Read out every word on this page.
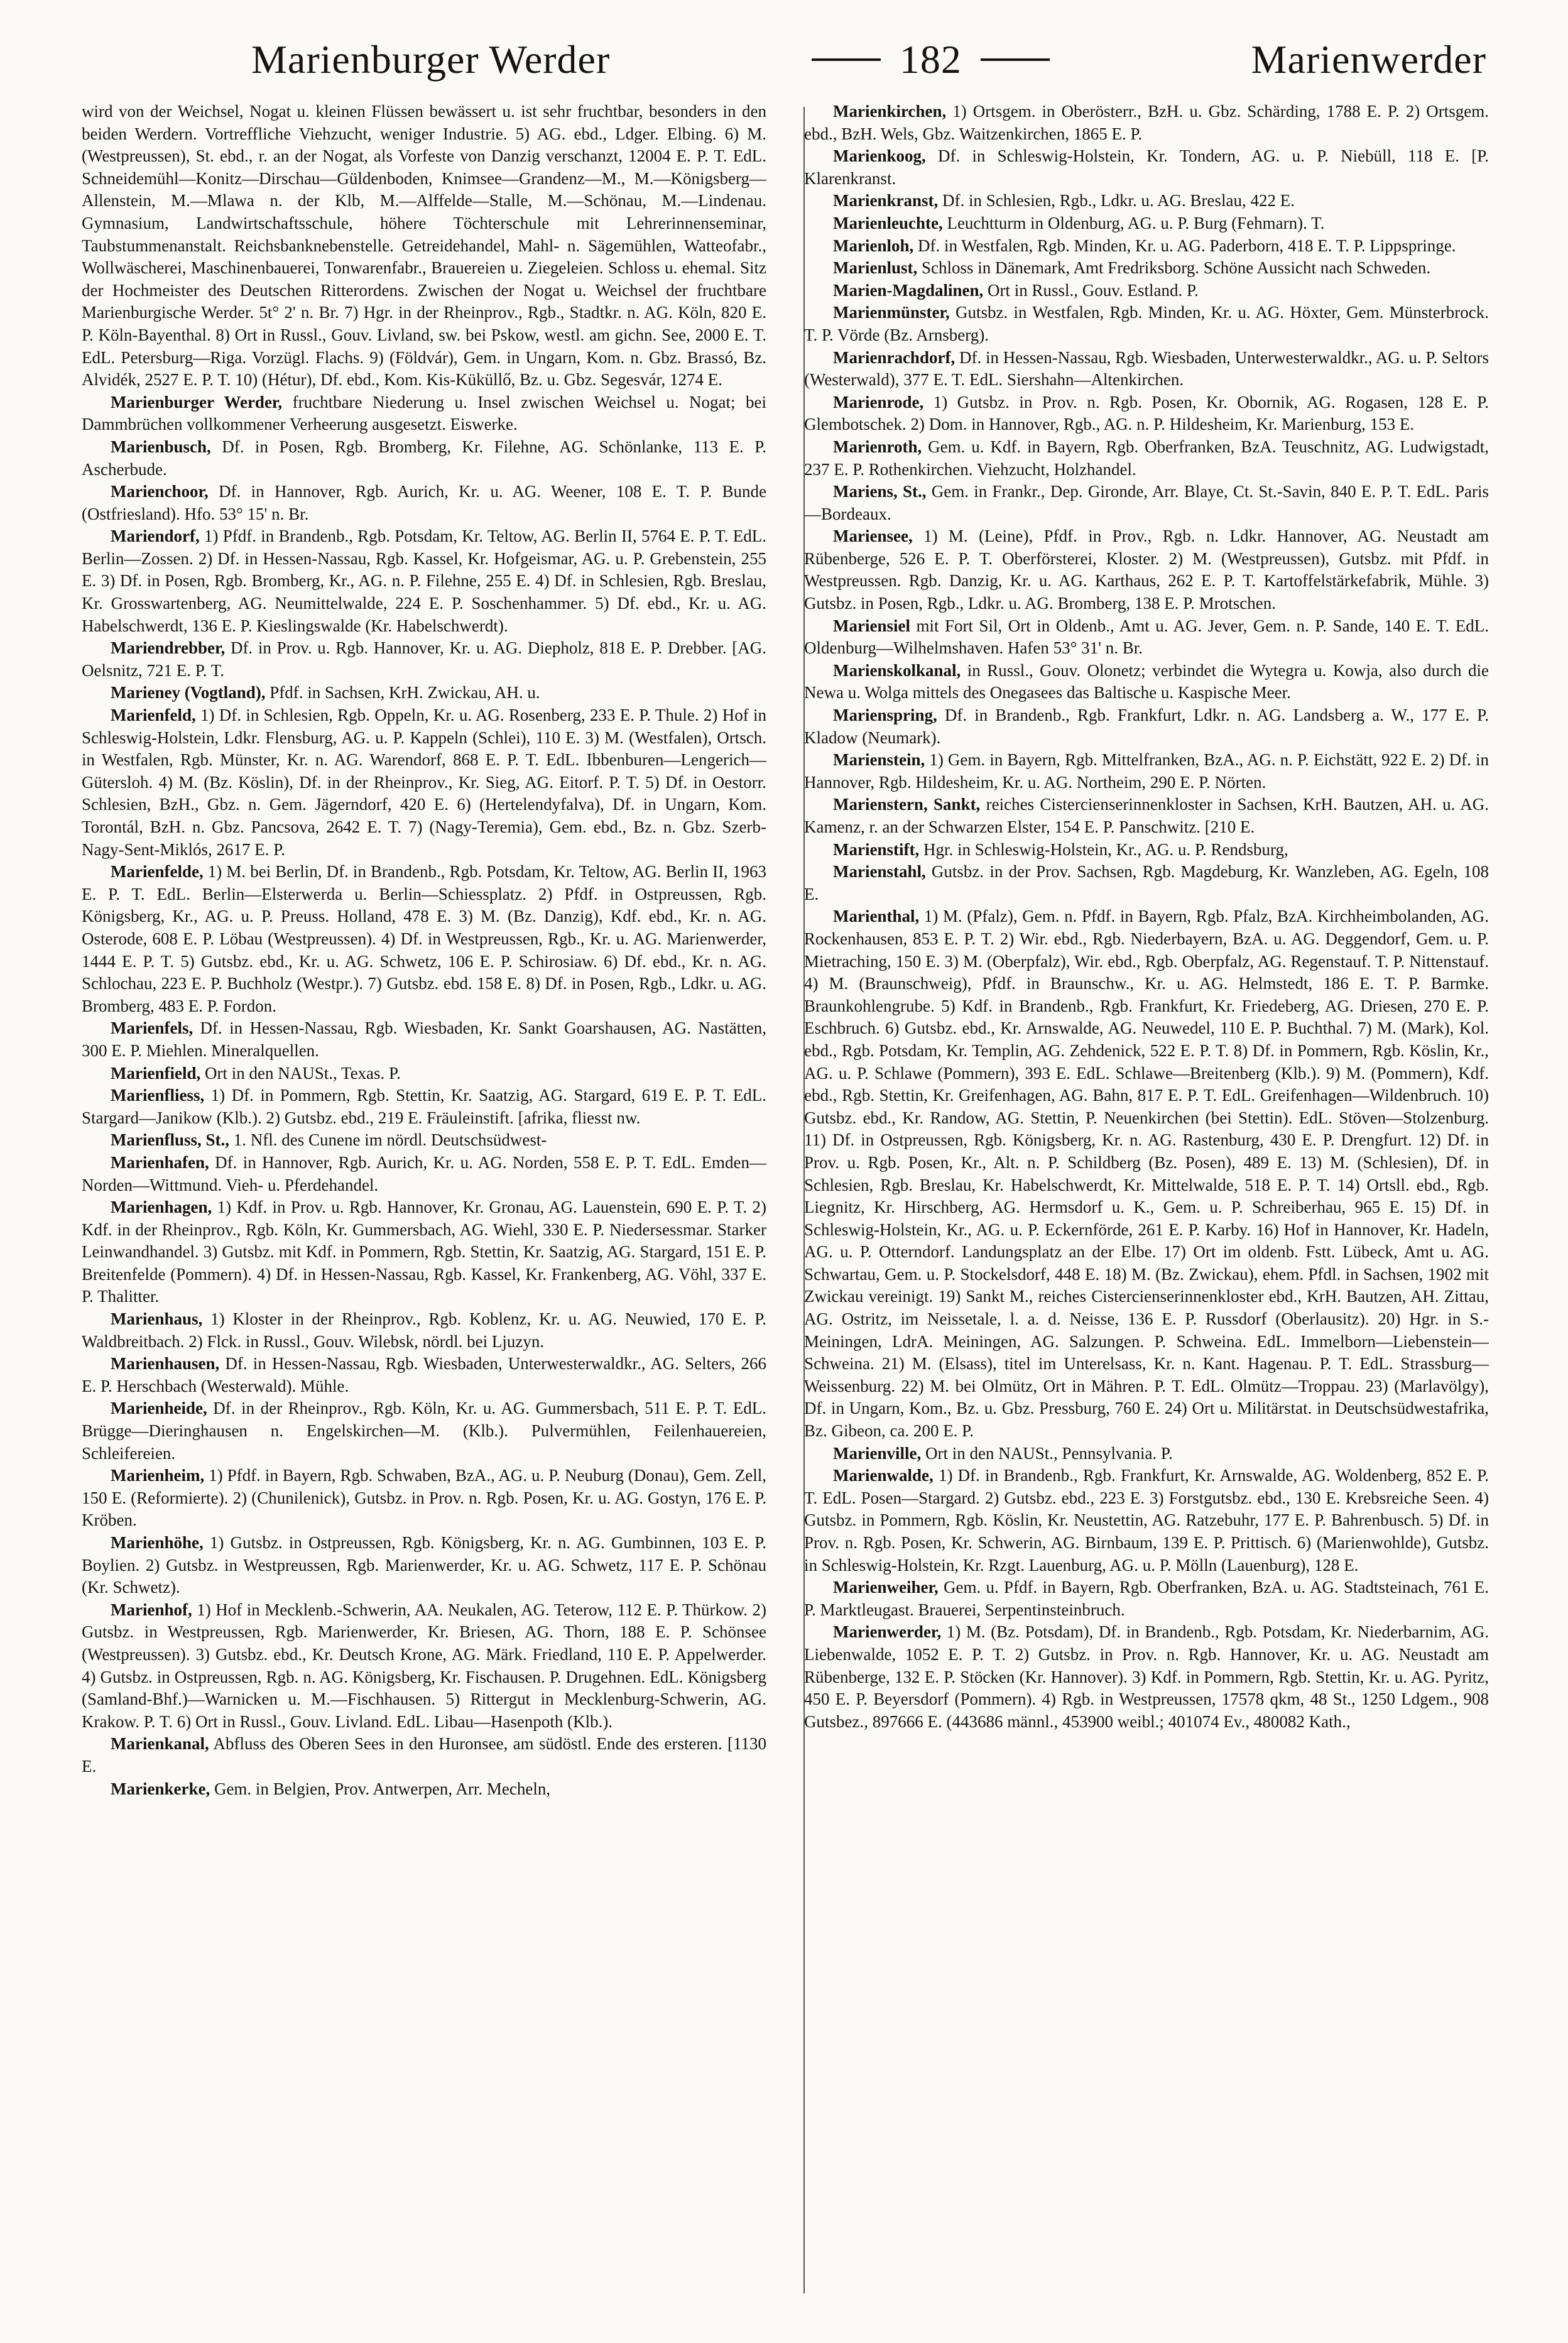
Marienburger Werder	182	Marienwerder

wird von der Weichsel, Nogat u. kleinen Flüssen bewässert u. ist sehr fruchtbar, besonders in den beiden Werdern. Vortreffliche Viehzucht, weniger Industrie. 5) AG. ebd., Ldger. Elbing. 6) M. (Westpreussen), St. ebd., r. an der Nogat, als Vorfeste von Danzig verschanzt, 12004 E. P. T. EdL. Schneidemühl—Konitz—Dirschau—Güldenboden, Knimsee—Grandenz—M., M.—Königsberg—Allenstein, M.—Mlawa n. der Klb, M.—Alffelde—Stalle, M.—Schönau, M.—Lindenau. Gymnasium, Landwirtschaftsschule, höhere Töchterschule mit Lehrerinnenseminar, Taubstummenanstalt. Reichsbanknebenstelle. Getreidehandel, Mahl- n. Sägemühlen, Watteofabr., Wollwäscherei, Maschinenbauerei, Tonwarenfabr., Brauereien u. Ziegeleien. Schloss u. ehemal. Sitz der Hochmeister des Deutschen Ritterordens. Zwischen der Nogat u. Weichsel der fruchtbare Marienburgische Werder. 5t° 2' n. Br. 7) Hgr. in der Rheinprov., Rgb., Stadtkr. n. AG. Köln, 820 E. P. Köln-Bayenthal. 8) Ort in Russl., Gouv. Livland, sw. bei Pskow, westl. am gichn. See, 2000 E. T. EdL. Petersburg—Riga. Vorzügl. Flachs. 9) (Földvár), Gem. in Ungarn, Kom. n. Gbz. Brassó, Bz. Alvidék, 2527 E. P. T. 10) (Hétur), Df. ebd., Kom. Kis-Küküllő, Bz. u. Gbz. Segesvár, 1274 E.

Marienburger Werder, fruchtbare Niederung u. Insel zwischen Weichsel u. Nogat; bei Dammbrüchen vollkommener Verheerung ausgesetzt. Eiswerke.

Marienbusch, Df. in Posen, Rgb. Bromberg, Kr. Filehne, AG. Schönlanke, 113 E. P. Ascherbude.

Marienchoor, Df. in Hannover, Rgb. Aurich, Kr. u. AG. Weener, 108 E. T. P. Bunde (Ostfriesland). Hfo. 53° 15' n. Br.

Mariendorf, 1) Pfdf. in Brandenb., Rgb. Potsdam, Kr. Teltow, AG. Berlin II, 5764 E. P. T. EdL. Berlin—Zossen. 2) Df. in Hessen-Nassau, Rgb. Kassel, Kr. Hofgeismar, AG. u. P. Grebenstein, 255 E. 3) Df. in Posen, Rgb. Bromberg, Kr., AG. n. P. Filehne, 255 E. 4) Df. in Schlesien, Rgb. Breslau, Kr. Grosswartenberg, AG. Neumittelwalde, 224 E. P. Soschenhammer. 5) Df. ebd., Kr. u. AG. Habelschwerdt, 136 E. P. Kieslingswalde (Kr. Habelschwerdt).

Mariendrebber, Df. in Prov. u. Rgb. Hannover, Kr. u. AG. Diepholz, 818 E. P. Drebber. [AG. Oelsnitz, 721 E. P. T.

Marieney (Vogtland), Pfdf. in Sachsen, KrH. Zwickau, AH. u.

Marienfeld, 1) Df. in Schlesien, Rgb. Oppeln, Kr. u. AG. Rosenberg, 233 E. P. Thule. 2) Hof in Schleswig-Holstein, Ldkr. Flensburg, AG. u. P. Kappeln (Schlei), 110 E. 3) M. (Westfalen), Ortsch. in Westfalen, Rgb. Münster, Kr. n. AG. Warendorf, 868 E. P. T. EdL. Ibbenburen—Lengerich—Gütersloh. 4) M. (Bz. Köslin), Df. in der Rheinprov., Kr. Sieg, AG. Eitorf. P. T. 5) Df. in Oestorr. Schlesien, BzH., Gbz. n. Gem. Jägerndorf, 420 E. 6) (Hertelendyfalva), Df. in Ungarn, Kom. Torontál, BzH. n. Gbz. Pancsova, 2642 E. T. 7) (Nagy-Teremia), Gem. ebd., Bz. n. Gbz. Szerb-Nagy-Sent-Miklós, 2617 E. P.

Marienfelde, 1) M. bei Berlin, Df. in Brandenb., Rgb. Potsdam, Kr. Teltow, AG. Berlin II, 1963 E. P. T. EdL. Berlin—Elsterwerda u. Berlin—Schiessplatz. 2) Pfdf. in Ostpreussen, Rgb. Königsberg, Kr., AG. u. P. Preuss. Holland, 478 E. 3) M. (Bz. Danzig), Kdf. ebd., Kr. n. AG. Osterode, 608 E. P. Löbau (Westpreussen). 4) Df. in Westpreussen, Rgb., Kr. u. AG. Marienwerder, 1444 E. P. T. 5) Gutsbz. ebd., Kr. u. AG. Schwetz, 106 E. P. Schirosiaw. 6) Df. ebd., Kr. n. AG. Schlochau, 223 E. P. Buchholz (Westpr.). 7) Gutsbz. ebd. 158 E. 8) Df. in Posen, Rgb., Ldkr. u. AG. Bromberg, 483 E. P. Fordon.

Marienfels, Df. in Hessen-Nassau, Rgb. Wiesbaden, Kr. Sankt Goarshausen, AG. Nastätten, 300 E. P. Miehlen. Mineralquellen.

Marienfield, Ort in den NAUSt., Texas. P.

Marienfliess, 1) Df. in Pommern, Rgb. Stettin, Kr. Saatzig, AG. Stargard, 619 E. P. T. EdL. Stargard—Janikow (Klb.). 2) Gutsbz. ebd., 219 E. Fräuleinstift. [afrika, fliesst nw.

Marienfluss, St., 1. Nfl. des Cunene im nördl. Deutschsüdwest-

Marienhafen, Df. in Hannover, Rgb. Aurich, Kr. u. AG. Norden, 558 E. P. T. EdL. Emden—Norden—Wittmund. Vieh- u. Pferdehandel.

Marienhagen, 1) Kdf. in Prov. u. Rgb. Hannover, Kr. Gronau, AG. Lauenstein, 690 E. P. T. 2) Kdf. in der Rheinprov., Rgb. Köln, Kr. Gummersbach, AG. Wiehl, 330 E. P. Niedersessmar. Starker Leinwandhandel. 3) Gutsbz. mit Kdf. in Pommern, Rgb. Stettin, Kr. Saatzig, AG. Stargard, 151 E. P. Breitenfelde (Pommern). 4) Df. in Hessen-Nassau, Rgb. Kassel, Kr. Frankenberg, AG. Vöhl, 337 E. P. Thalitter.

Marienhaus, 1) Kloster in der Rheinprov., Rgb. Koblenz, Kr. u. AG. Neuwied, 170 E. P. Waldbreitbach. 2) Flck. in Russl., Gouv. Wilebsk, nördl. bei Ljuzyn.

Marienhausen, Df. in Hessen-Nassau, Rgb. Wiesbaden, Unterwesterwaldkr., AG. Selters, 266 E. P. Herschbach (Westerwald). Mühle.

Marienheide, Df. in der Rheinprov., Rgb. Köln, Kr. u. AG. Gummersbach, 511 E. P. T. EdL. Brügge—Dieringhausen n. Engelskirchen—M. (Klb.). Pulvermühlen, Feilenhauereien, Schleifereien.

Marienheim, 1) Pfdf. in Bayern, Rgb. Schwaben, BzA., AG. u. P. Neuburg (Donau), Gem. Zell, 150 E. (Reformierte). 2) (Chunilenick), Gutsbz. in Prov. n. Rgb. Posen, Kr. u. AG. Gostyn, 176 E. P. Kröben.

Marienhöhe, 1) Gutsbz. in Ostpreussen, Rgb. Königsberg, Kr. n. AG. Gumbinnen, 103 E. P. Boylien. 2) Gutsbz. in Westpreussen, Rgb. Marienwerder, Kr. u. AG. Schwetz, 117 E. P. Schönau (Kr. Schwetz).

Marienhof, 1) Hof in Mecklenb.-Schwerin, AA. Neukalen, AG. Teterow, 112 E. P. Thürkow. 2) Gutsbz. in Westpreussen, Rgb. Marienwerder, Kr. Briesen, AG. Thorn, 188 E. P. Schönsee (Westpreussen). 3) Gutsbz. ebd., Kr. Deutsch Krone, AG. Märk. Friedland, 110 E. P. Appelwerder. 4) Gutsbz. in Ostpreussen, Rgb. n. AG. Königsberg, Kr. Fischausen. P. Drugehnen. EdL. Königsberg (Samland-Bhf.)—Warnicken u. M.—Fischhausen. 5) Rittergut in Mecklenburg-Schwerin, AG. Krakow. P. T. 6) Ort in Russl., Gouv. Livland. EdL. Libau—Hasenpoth (Klb.).

Marienkanal, Abfluss des Oberen Sees in den Huronsee, am südöstl. Ende des ersteren. [1130 E.

Marienkerke, Gem. in Belgien, Prov. Antwerpen, Arr. Mecheln,

Marienkirchen, 1) Ortsgem. in Oberösterr., BzH. u. Gbz. Schärding, 1788 E. P. 2) Ortsgem. ebd., BzH. Wels, Gbz. Waitzenkirchen, 1865 E. P.

Marienkoog, Df. in Schleswig-Holstein, Kr. Tondern, AG. u. P. Niebüll, 118 E. [P. Klarenkranst.

Marienkranst, Df. in Schlesien, Rgb., Ldkr. u. AG. Breslau, 422 E.

Marienleuchte, Leuchtturm in Oldenburg, AG. u. P. Burg (Fehmarn). T.

Marienloh, Df. in Westfalen, Rgb. Minden, Kr. u. AG. Paderborn, 418 E. T. P. Lippspringe.

Marienlust, Schloss in Dänemark, Amt Fredriksborg. Schöne Aussicht nach Schweden.

Marien-Magdalinen, Ort in Russl., Gouv. Estland. P.

Marienmünster, Gutsbz. in Westfalen, Rgb. Minden, Kr. u. AG. Höxter, Gem. Münsterbrock. T. P. Vörde (Bz. Arnsberg).

Marienrachdorf, Df. in Hessen-Nassau, Rgb. Wiesbaden, Unterwesterwaldkr., AG. u. P. Seltors (Westerwald), 377 E. T. EdL. Siershahn—Altenkirchen.

Marienrode, 1) Gutsbz. in Prov. n. Rgb. Posen, Kr. Obornik, AG. Rogasen, 128 E. P. Glembotschek. 2) Dom. in Hannover, Rgb., AG. n. P. Hildesheim, Kr. Marienburg, 153 E.

Marienroth, Gem. u. Kdf. in Bayern, Rgb. Oberfranken, BzA. Teuschnitz, AG. Ludwigstadt, 237 E. P. Rothenkirchen. Viehzucht, Holzhandel.

Mariens, St., Gem. in Frankr., Dep. Gironde, Arr. Blaye, Ct. St.-Savin, 840 E. P. T. EdL. Paris—Bordeaux.

Mariensee, 1) M. (Leine), Pfdf. in Prov., Rgb. n. Ldkr. Hannover, AG. Neustadt am Rübenberge, 526 E. P. T. Oberförsterei, Kloster. 2) M. (Westpreussen), Gutsbz. mit Pfdf. in Westpreussen. Rgb. Danzig, Kr. u. AG. Karthaus, 262 E. P. T. Kartoffelstärkefabrik, Mühle. 3) Gutsbz. in Posen, Rgb., Ldkr. u. AG. Bromberg, 138 E. P. Mrotschen.

Mariensiel mit Fort Sil, Ort in Oldenb., Amt u. AG. Jever, Gem. n. P. Sande, 140 E. T. EdL. Oldenburg—Wilhelmshaven. Hafen 53° 31' n. Br.

Marienskolkanal, in Russl., Gouv. Olonetz; verbindet die Wytegra u. Kowja, also durch die Newa u. Wolga mittels des Onegasees das Baltische u. Kaspische Meer.

Marienspring, Df. in Brandenb., Rgb. Frankfurt, Ldkr. n. AG. Landsberg a. W., 177 E. P. Kladow (Neumark).

Marienstein, 1) Gem. in Bayern, Rgb. Mittelfranken, BzA., AG. n. P. Eichstätt, 922 E. 2) Df. in Hannover, Rgb. Hildesheim, Kr. u. AG. Northeim, 290 E. P. Nörten.

Marienstern, Sankt, reiches Cistercienserinnenkloster in Sachsen, KrH. Bautzen, AH. u. AG. Kamenz, r. an der Schwarzen Elster, 154 E. P. Panschwitz. [210 E.

Marienstift, Hgr. in Schleswig-Holstein, Kr., AG. u. P. Rendsburg,

Marienstahl, Gutsbz. in der Prov. Sachsen, Rgb. Magdeburg, Kr. Wanzleben, AG. Egeln, 108 E.

Marienthal, 1) M. (Pfalz), Gem. n. Pfdf. in Bayern, Rgb. Pfalz, BzA. Kirchheimbolanden, AG. Rockenhausen, 853 E. P. T. 2) Wir. ebd., Rgb. Niederbayern, BzA. u. AG. Deggendorf, Gem. u. P. Mietraching, 150 E. 3) M. (Oberpfalz), Wir. ebd., Rgb. Oberpfalz, AG. Regenstauf. T. P. Nittenstauf. 4) M. (Braunschweig), Pfdf. in Braunschw., Kr. u. AG. Helmstedt, 186 E. T. P. Barmke. Braunkohlengrube. 5) Kdf. in Brandenb., Rgb. Frankfurt, Kr. Friedeberg, AG. Driesen, 270 E. P. Eschbruch. 6) Gutsbz. ebd., Kr. Arnswalde, AG. Neuwedel, 110 E. P. Buchthal. 7) M. (Mark), Kol. ebd., Rgb. Potsdam, Kr. Templin, AG. Zehdenick, 522 E. P. T. 8) Df. in Pommern, Rgb. Köslin, Kr., AG. u. P. Schlawe (Pommern), 393 E. EdL. Schlawe—Breitenberg (Klb.). 9) M. (Pommern), Kdf. ebd., Rgb. Stettin, Kr. Greifenhagen, AG. Bahn, 817 E. P. T. EdL. Greifenhagen—Wildenbruch. 10) Gutsbz. ebd., Kr. Randow, AG. Stettin, P. Neuenkirchen (bei Stettin). EdL. Stöven—Stolzenburg. 11) Df. in Ostpreussen, Rgb. Königsberg, Kr. n. AG. Rastenburg, 430 E. P. Drengfurt. 12) Df. in Prov. u. Rgb. Posen, Kr., Alt. n. P. Schildberg (Bz. Posen), 489 E. 13) M. (Schlesien), Df. in Schlesien, Rgb. Breslau, Kr. Habelschwerdt, Kr. Mittelwalde, 518 E. P. T. 14) Ortsll. ebd., Rgb. Liegnitz, Kr. Hirschberg, AG. Hermsdorf u. K., Gem. u. P. Schreiberhau, 965 E. 15) Df. in Schleswig-Holstein, Kr., AG. u. P. Eckernförde, 261 E. P. Karby. 16) Hof in Hannover, Kr. Hadeln, AG. u. P. Otterndorf. Landungsplatz an der Elbe. 17) Ort im oldenb. Fstt. Lübeck, Amt u. AG. Schwartau, Gem. u. P. Stockelsdorf, 448 E. 18) M. (Bz. Zwickau), ehem. Pfdl. in Sachsen, 1902 mit Zwickau vereinigt. 19) Sankt M., reiches Cistercienserinnenkloster ebd., KrH. Bautzen, AH. Zittau, AG. Ostritz, im Neissetale, l. a. d. Neisse, 136 E. P. Russdorf (Oberlausitz). 20) Hgr. in S.-Meiningen, LdrA. Meiningen, AG. Salzungen. P. Schweina. EdL. Immelborn—Liebenstein—Schweina. 21) M. (Elsass), titel im Unterelsass, Kr. n. Kant. Hagenau. P. T. EdL. Strassburg—Weissenburg. 22) M. bei Olmütz, Ort in Mähren. P. T. EdL. Olmütz—Troppau. 23) (Marlavölgy), Df. in Ungarn, Kom., Bz. u. Gbz. Pressburg, 760 E. 24) Ort u. Militärstat. in Deutschsüdwestafrika, Bz. Gibeon, ca. 200 E. P.

Marienville, Ort in den NAUSt., Pennsylvania. P.

Marienwalde, 1) Df. in Brandenb., Rgb. Frankfurt, Kr. Arnswalde, AG. Woldenberg, 852 E. P. T. EdL. Posen—Stargard. 2) Gutsbz. ebd., 223 E. 3) Forstgutsbz. ebd., 130 E. Krebsreiche Seen. 4) Gutsbz. in Pommern, Rgb. Köslin, Kr. Neustettin, AG. Ratzebuhr, 177 E. P. Bahrenbusch. 5) Df. in Prov. n. Rgb. Posen, Kr. Schwerin, AG. Birnbaum, 139 E. P. Prittisch. 6) (Marienwohlde), Gutsbz. in Schleswig-Holstein, Kr. Rzgt. Lauenburg, AG. u. P. Mölln (Lauenburg), 128 E.

Marienweiher, Gem. u. Pfdf. in Bayern, Rgb. Oberfranken, BzA. u. AG. Stadtsteinach, 761 E. P. Marktleugast. Brauerei, Serpentinsteinbruch.

Marienwerder, 1) M. (Bz. Potsdam), Df. in Brandenb., Rgb. Potsdam, Kr. Niederbarnim, AG. Liebenwalde, 1052 E. P. T. 2) Gutsbz. in Prov. n. Rgb. Hannover, Kr. u. AG. Neustadt am Rübenberge, 132 E. P. Stöcken (Kr. Hannover). 3) Kdf. in Pommern, Rgb. Stettin, Kr. u. AG. Pyritz, 450 E. P. Beyersdorf (Pommern). 4) Rgb. in Westpreussen, 17578 qkm, 48 St., 1250 Ldgem., 908 Gutsbez., 897666 E. (443686 männl., 453900 weibl.; 401074 Ev., 480082 Kath.,
